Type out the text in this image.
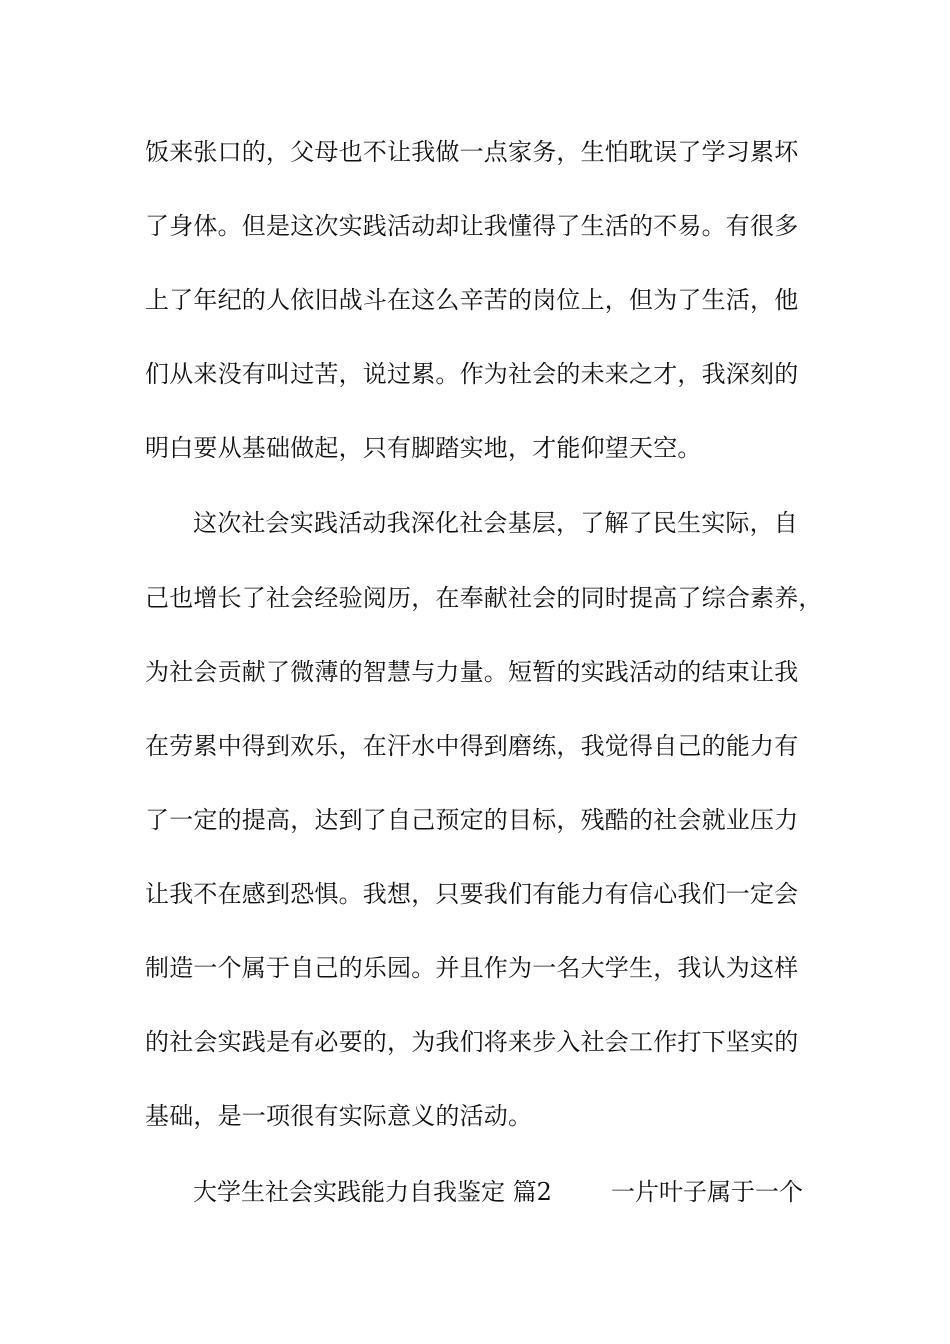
饭来张口的，父母也不让我做一点家务，生怕耽误了学习累坏
了身体。但是这次实践活动却让我懂得了生活的不易。有很多
上了年纪的人依旧战斗在这么辛苦的岗位上，但为了生活，他
们从来没有叫过苦，说过累。作为社会的未来之才，我深刻的
明白要从基础做起，只有脚踏实地，才能仰望天空。
这次社会实践活动我深化社会基层，了解了民生实际，自
己也增长了社会经验阅历，在奉献社会的同时提高了综合素养，
为社会贡献了微薄的智慧与力量。短暂的实践活动的结束让我
在劳累中得到欢乐，在汗水中得到磨练，我觉得自己的能力有
了一定的提高，达到了自己预定的目标，残酷的社会就业压力
让我不在感到恐惧。我想，只要我们有能力有信心我们一定会
制造一个属于自己的乐园。并且作为一名大学生，我认为这样
的社会实践是有必要的，为我们将来步入社会工作打下坚实的
基础，是一项很有实际意义的活动。
大学生社会实践能力自我鉴定 篇2 一片叶子属于一个
